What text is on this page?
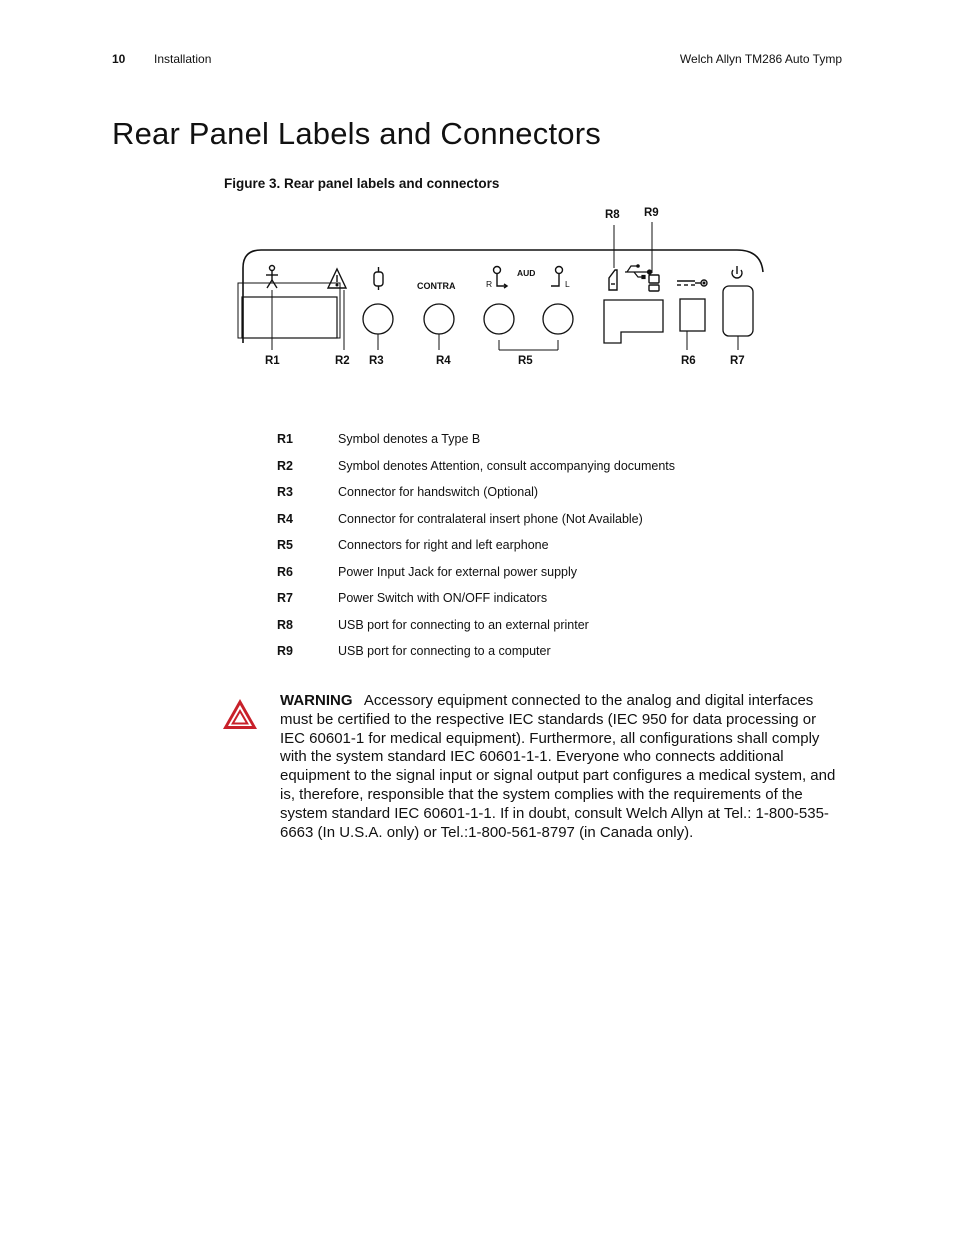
10 Installation	Welch Allyn TM286 Auto Tymp
Rear Panel Labels and Connectors
Figure 3. Rear panel labels and connectors
CONTRA
AUD
R	L
R1	R2 R3	R4	R5	R6	R7
R8 R9
R1	Symbol denotes a Type B
R2	Symbol denotes Attention, consult accompanying documents
R3	Connector for handswitch (Optional)
R4	Connector for contralateral insert phone (Not Available)
R5	Connectors for right and left earphone
R6	Power Input Jack for external power supply
R7	Power Switch with ON/OFF indicators
R8	USB port for connecting to an external printer
R9	USB port for connecting to a computer
WARNING Accessory equipment connected to the analog and digital interfaces must be certified to the respective IEC standards (IEC 950 for data processing or IEC 60601-1 for medical equipment). Furthermore, all configurations shall comply with the system standard IEC 60601-1-1. Everyone who connects additional equipment to the signal input or signal output part configures a medical system, and is, therefore, responsible that the system complies with the requirements of the system standard IEC 60601-1-1. If in doubt, consult Welch Allyn at Tel.: 1-800-535-6663 (In U.S.A. only) or Tel.:1-800-561-8797 (in Canada only).
